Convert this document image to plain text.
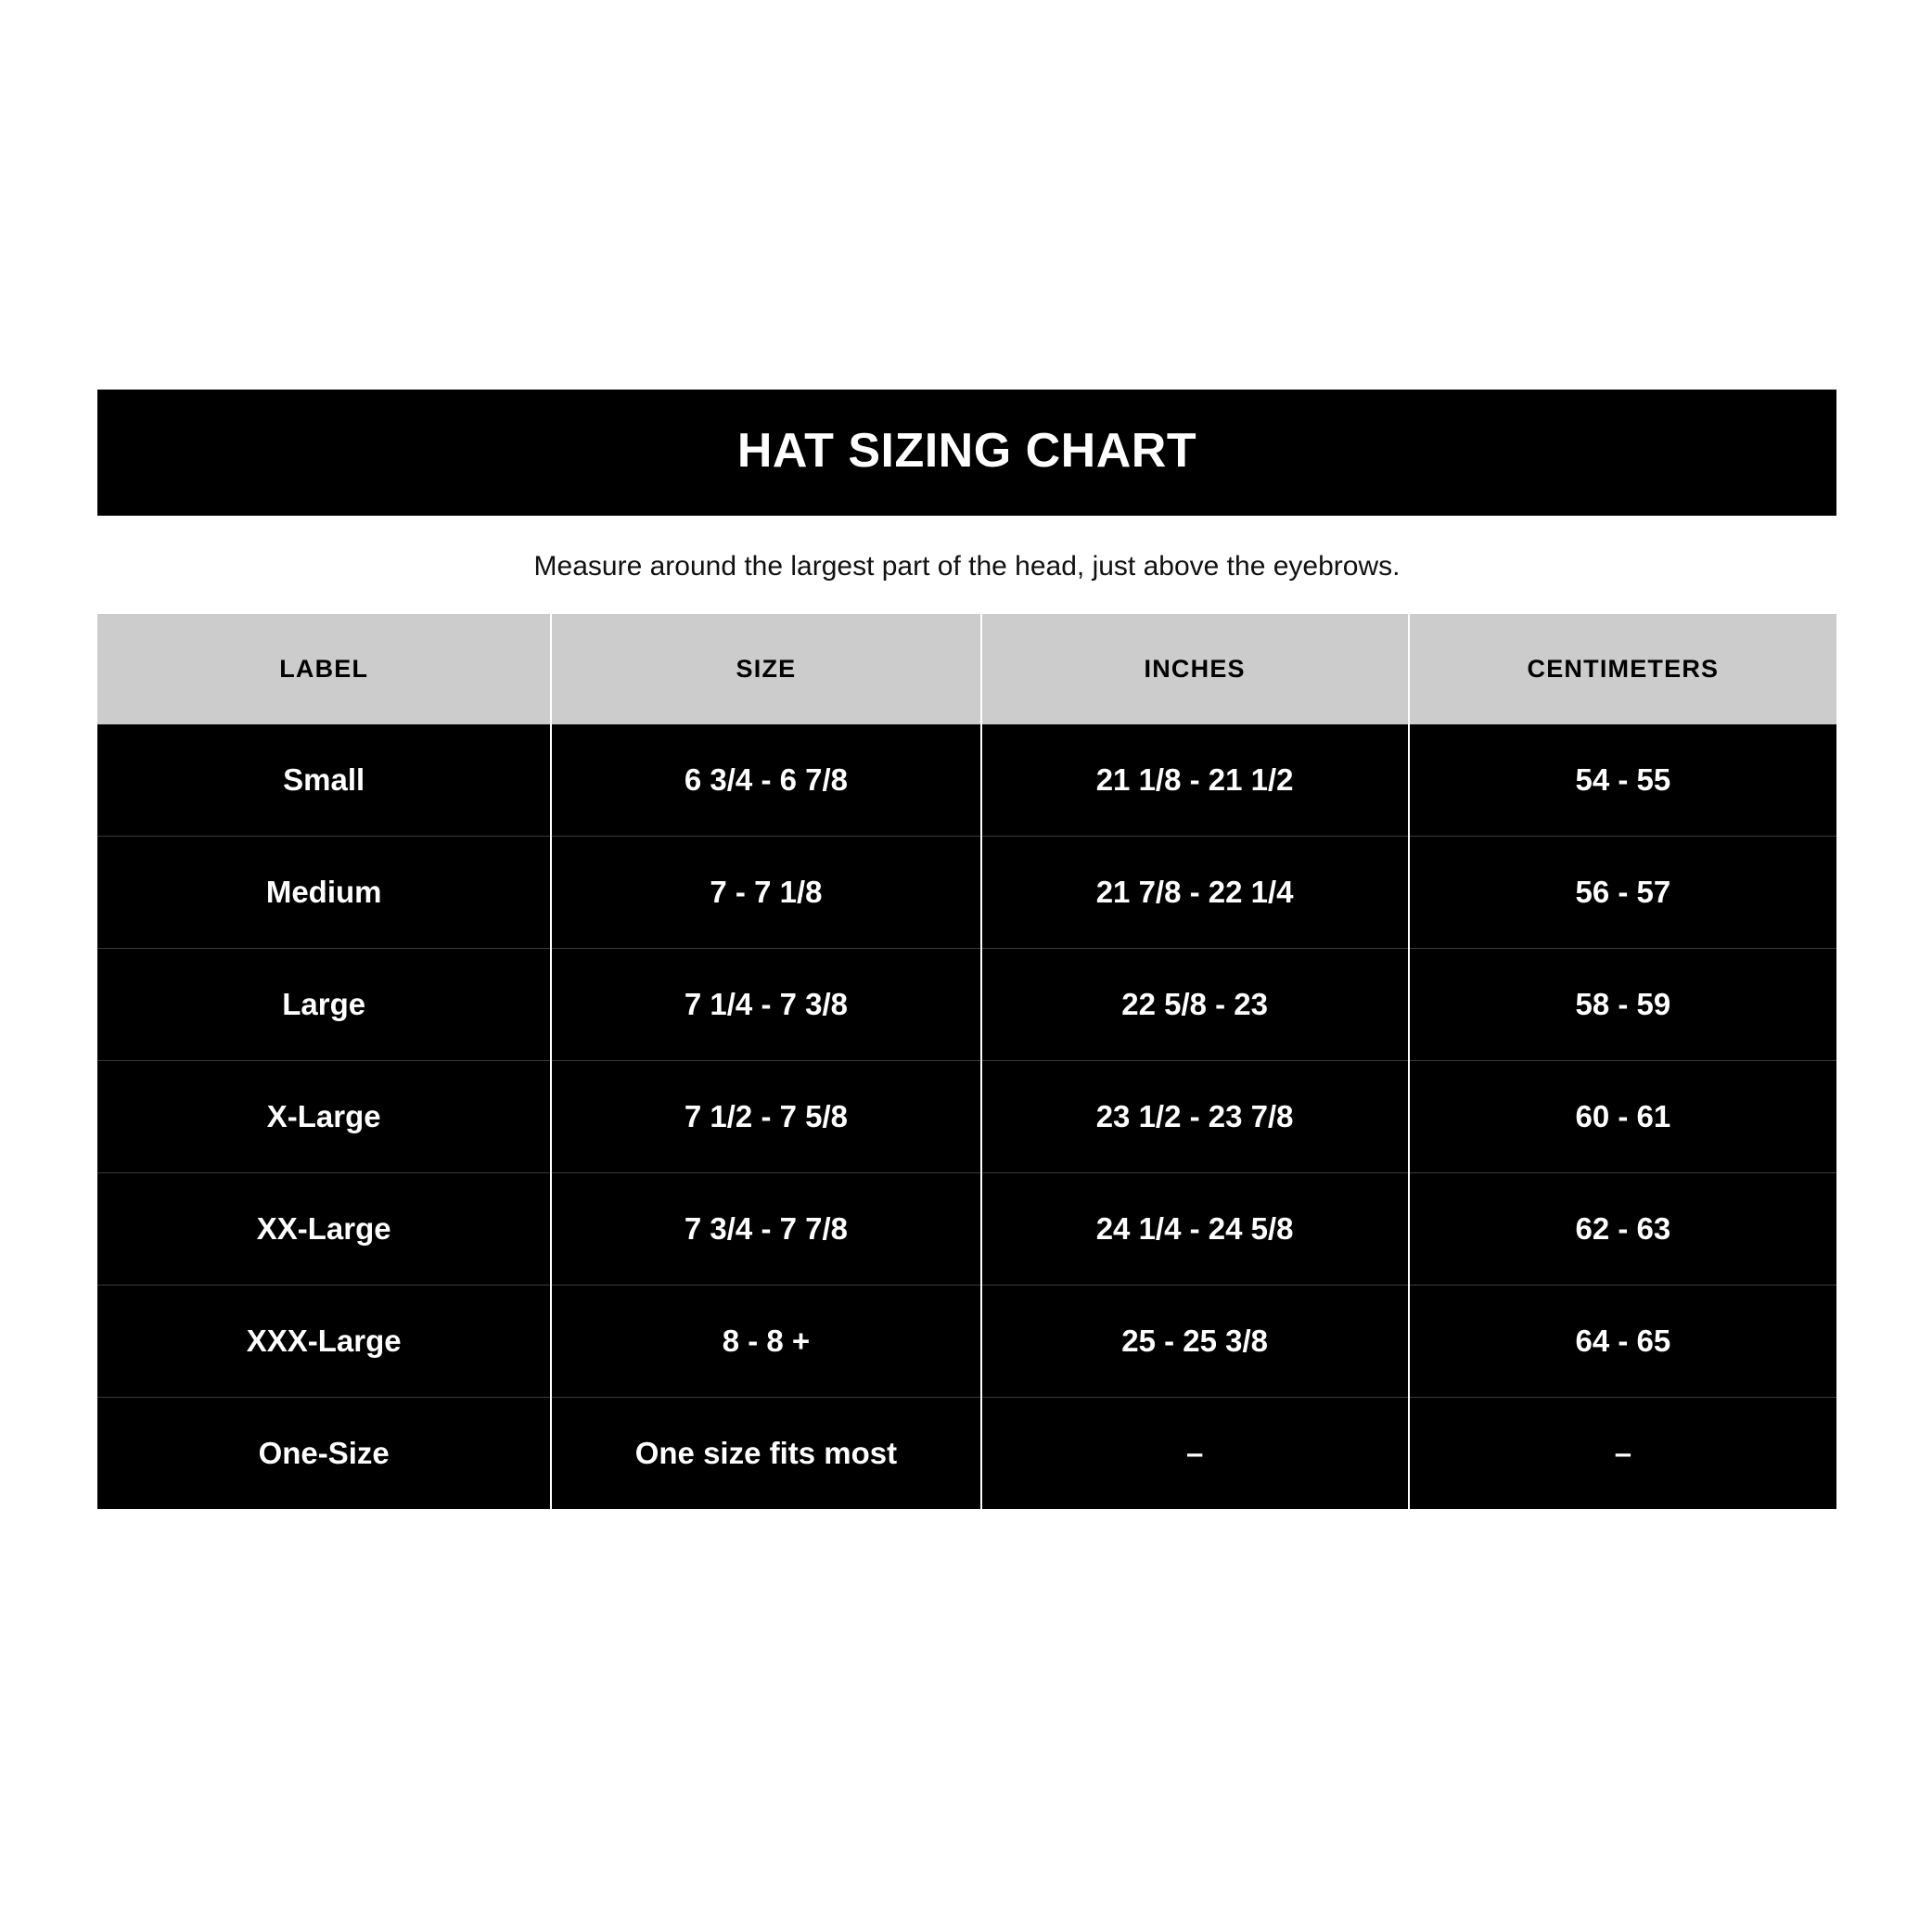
HAT SIZING CHART
Measure around the largest part of the head, just above the eyebrows.
LABEL	SIZE	INCHES	CENTIMETERS
Small	6 3/4 - 6 7/8	21 1/8 - 21 1/2	54 - 55
Medium	7 - 7 1/8	21 7/8 - 22 1/4	56 - 57
Large	7 1/4 - 7 3/8	22 5/8 - 23	58 - 59
X-Large	7 1/2 - 7 5/8	23 1/2 - 23 7/8	60 - 61
XX-Large	7 3/4 - 7 7/8	24 1/4 - 24 5/8	62 - 63
XXX-Large	8 - 8 +	25 - 25 3/8	64 - 65
One-Size	One size fits most	–	–
